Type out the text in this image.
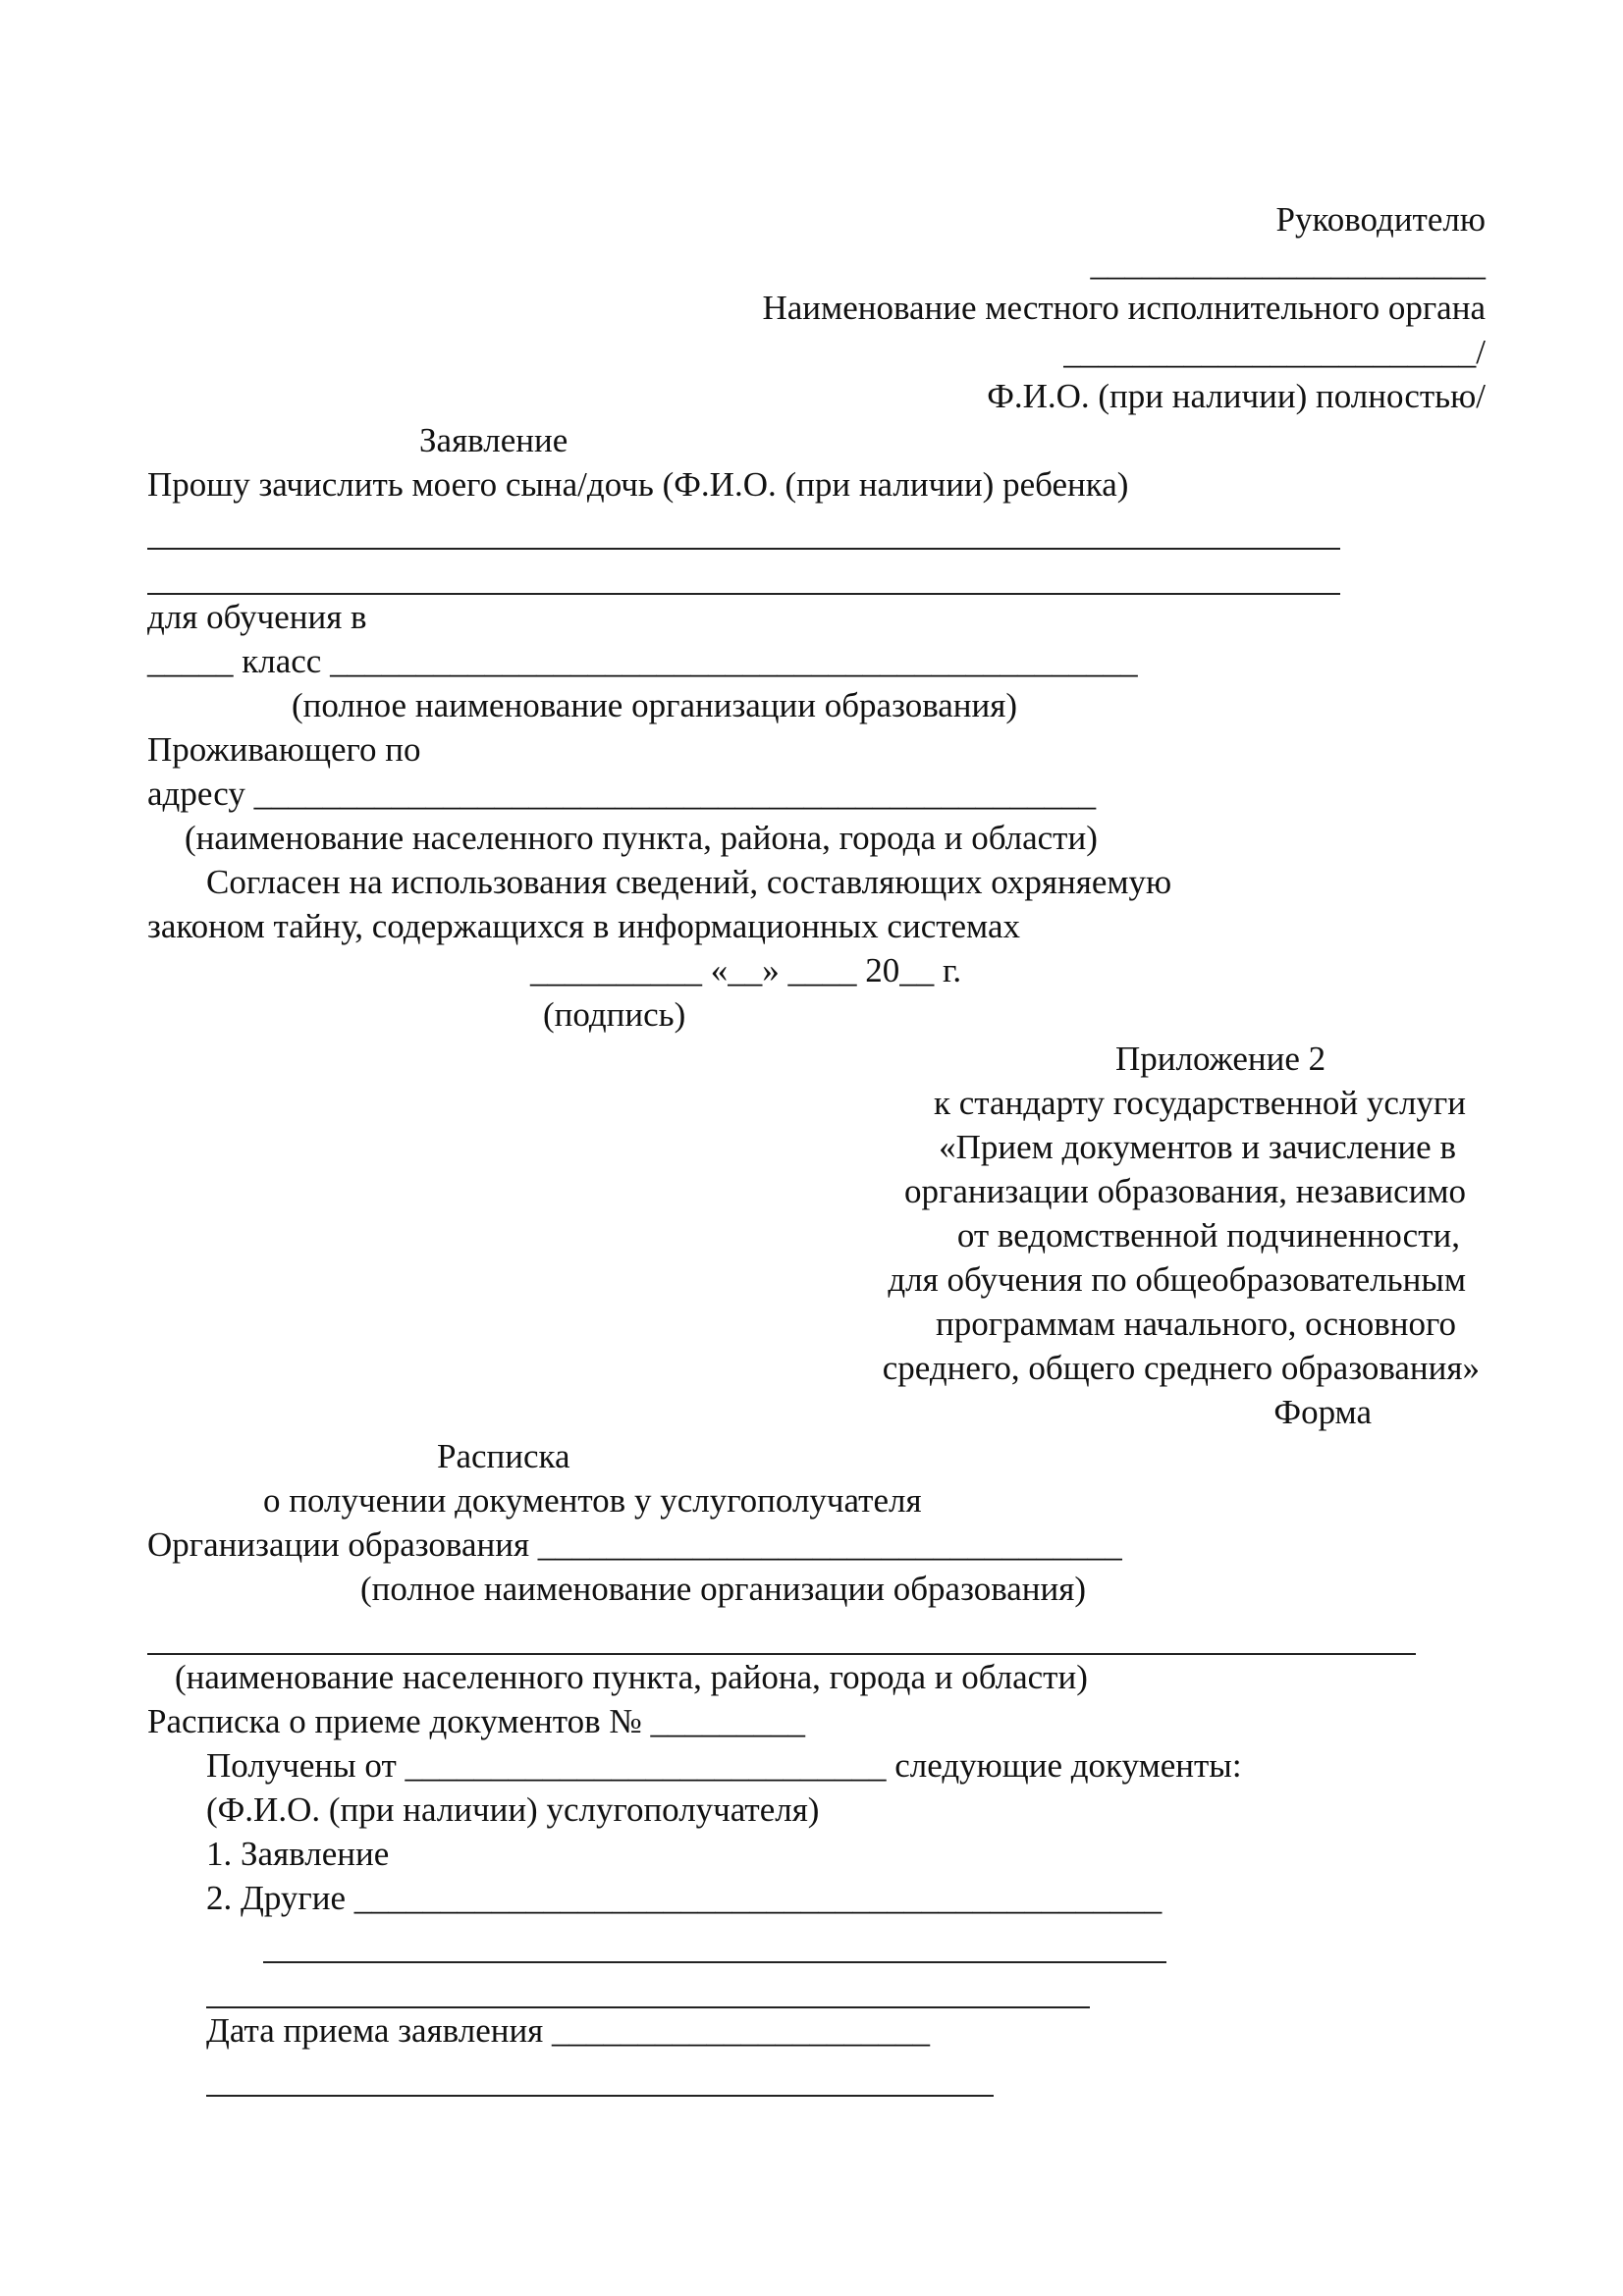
Руководителю

_______________________

Наименование местного исполнительного органа

________________________/

Ф.И.О. (при наличии) полностью/

Заявление

Прошу зачислить моего сына/дочь (Ф.И.О. (при наличии) ребенка)

для обучения в

_____ класс _______________________________________________

(полное наименование организации образования)

Проживающего по

адресу _________________________________________________

(наименование населенного пункта, района, города и области)

Согласен на использования сведений, составляющих охряняемую

законом тайну, содержащихся в информационных системах

__________ «__» ____ 20__ г.

(подпись)

Приложение 2

к стандарту государственной услуги

«Прием документов и зачисление в

организации образования, независимо

от ведомственной подчиненности,

для обучения по общеобразовательным

программам начального, основного

среднего, общего среднего образования»

Форма

Расписка

о получении документов у услугополучателя

Организации образования __________________________________

(полное наименование организации образования)

(наименование населенного пункта, района, города и области)

Расписка о приеме документов № _________

Получены от ____________________________ следующие документы:

(Ф.И.О. (при наличии) услугополучателя)

1. Заявление

2. Другие _______________________________________________

Дата приема заявления ______________________
